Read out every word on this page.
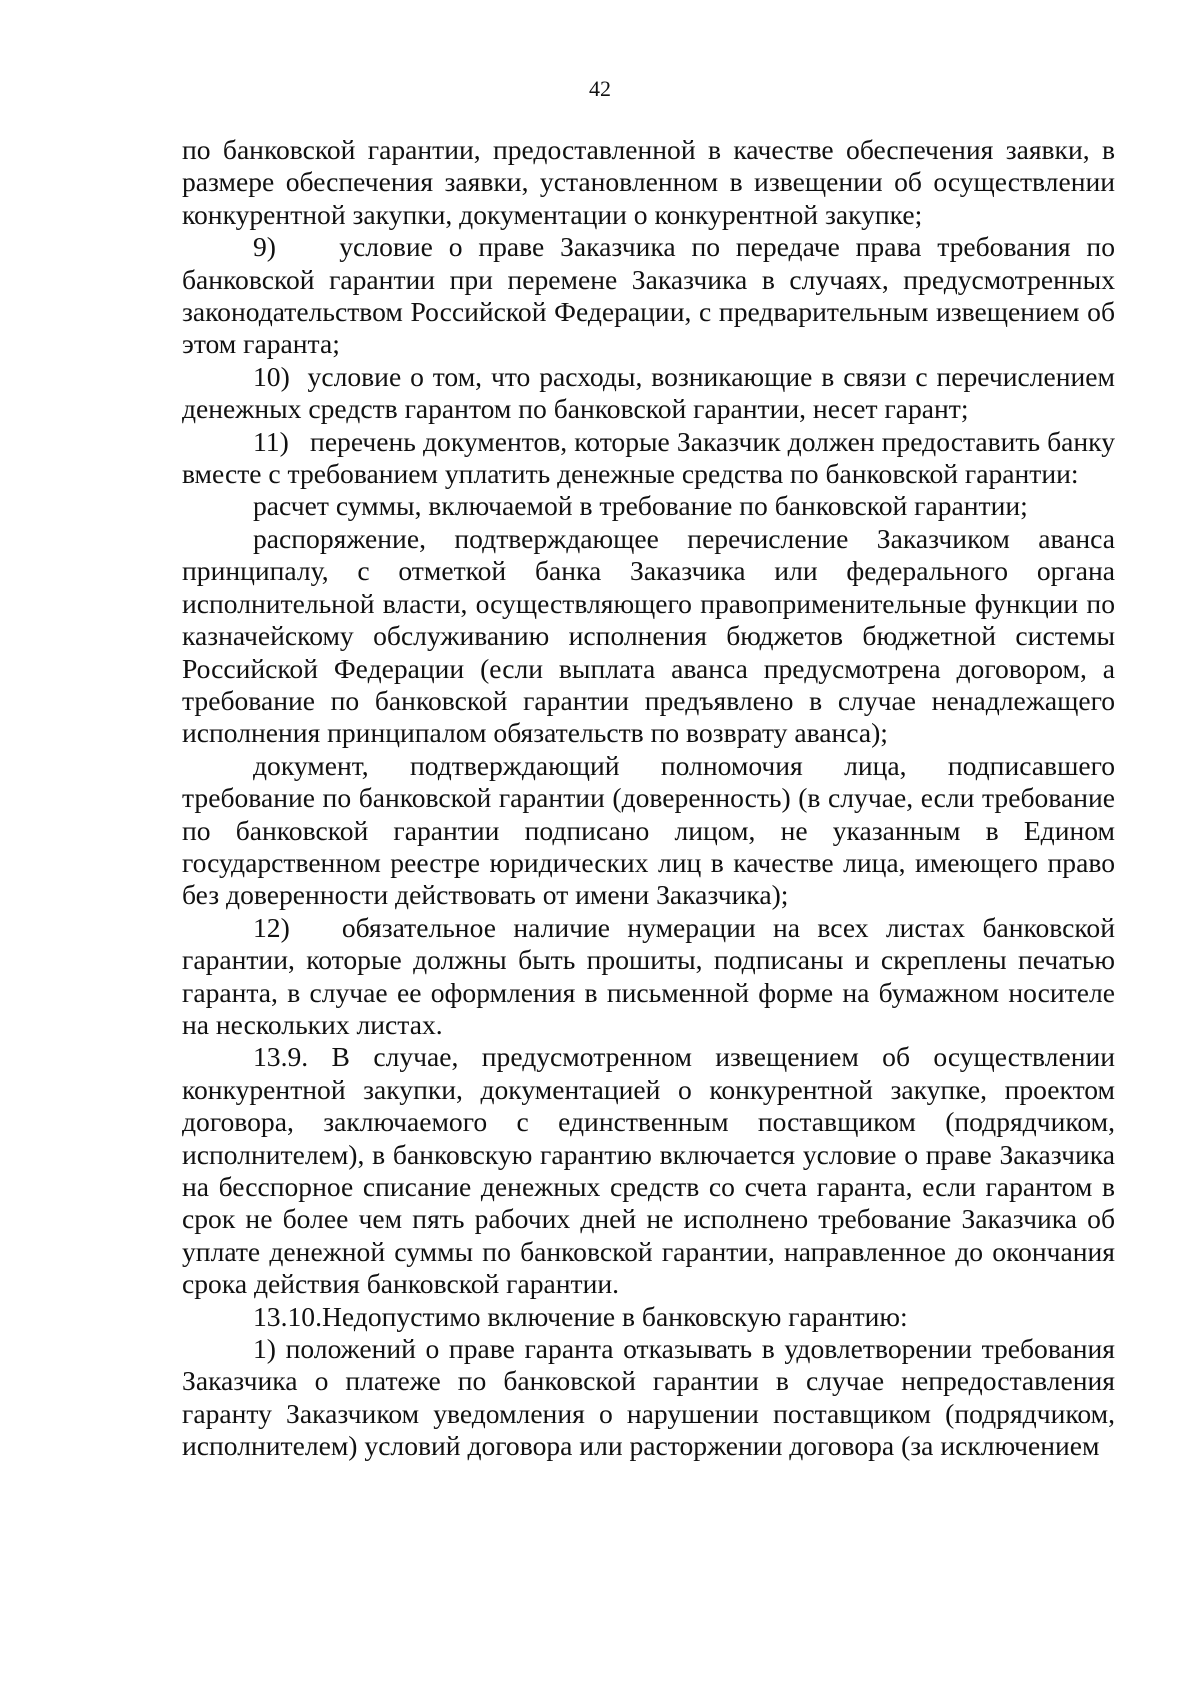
42

по банковской гарантии, предоставленной в качестве обеспечения заявки, в размере обеспечения заявки, установленном в извещении об осуществлении конкурентной закупки, документации о конкурентной закупке;

9)    условие о праве Заказчика по передаче права требования по банковской гарантии при перемене Заказчика в случаях, предусмотренных законодательством Российской Федерации, с предварительным извещением об этом гаранта;

10)  условие о том, что расходы, возникающие в связи с перечислением денежных средств гарантом по банковской гарантии, несет гарант;

11)   перечень документов, которые Заказчик должен предоставить банку вместе с требованием уплатить денежные средства по банковской гарантии:

расчет суммы, включаемой в требование по банковской гарантии;

распоряжение, подтверждающее перечисление Заказчиком аванса принципалу, с отметкой банка Заказчика или федерального органа исполнительной власти, осуществляющего правоприменительные функции по казначейскому обслуживанию исполнения бюджетов бюджетной системы Российской Федерации (если выплата аванса предусмотрена договором, а требование по банковской гарантии предъявлено в случае ненадлежащего исполнения принципалом обязательств по возврату аванса);

документ, подтверждающий полномочия лица, подписавшего требование по банковской гарантии (доверенность) (в случае, если требование по банковской гарантии подписано лицом, не указанным в Едином государственном реестре юридических лиц в качестве лица, имеющего право без доверенности действовать от имени Заказчика);

12)   обязательное наличие нумерации на всех листах банковской гарантии, которые должны быть прошиты, подписаны и скреплены печатью гаранта, в случае ее оформления в письменной форме на бумажном носителе на нескольких листах.

13.9. В случае, предусмотренном извещением об осуществлении конкурентной закупки, документацией о конкурентной закупке, проектом договора, заключаемого с единственным поставщиком (подрядчиком, исполнителем), в банковскую гарантию включается условие о праве Заказчика на бесспорное списание денежных средств со счета гаранта, если гарантом в срок не более чем пять рабочих дней не исполнено требование Заказчика об уплате денежной суммы по банковской гарантии, направленное до окончания срока действия банковской гарантии.

13.10.Недопустимо включение в банковскую гарантию:

1) положений о праве гаранта отказывать в удовлетворении требования Заказчика о платеже по банковской гарантии в случае непредоставления гаранту Заказчиком уведомления о нарушении поставщиком (подрядчиком, исполнителем) условий договора или расторжении договора (за исключением
